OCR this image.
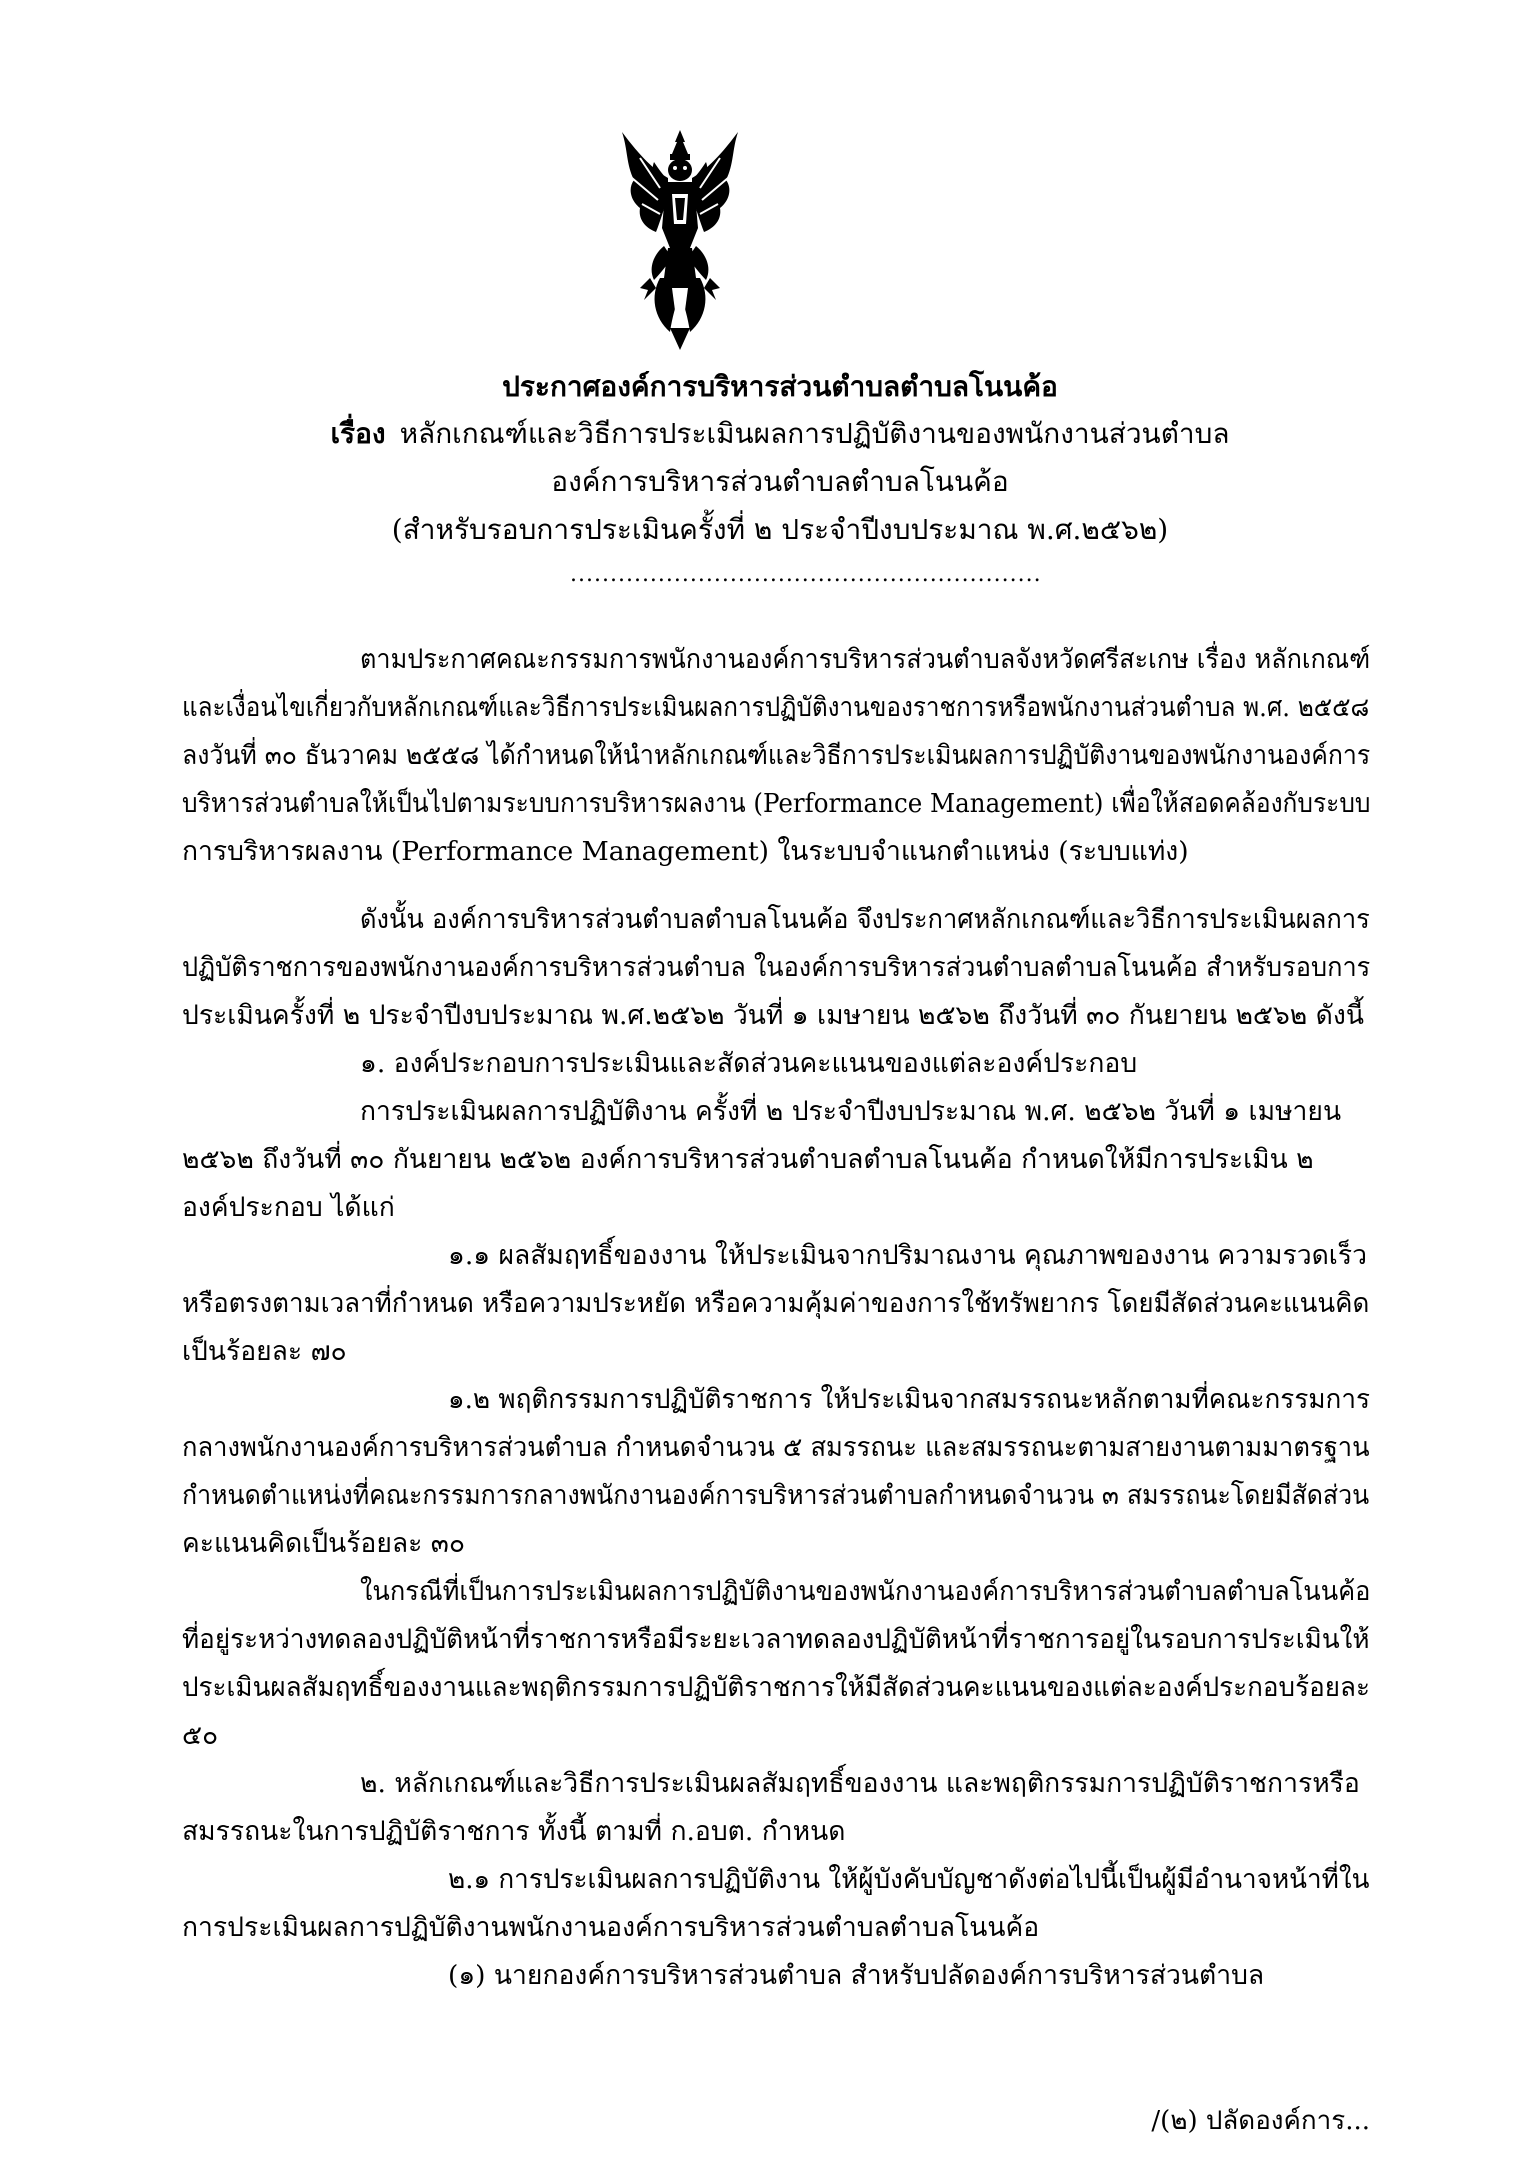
ประกาศองค์การบริหารส่วนตำบลตำบลโนนค้อ
เรื่อง หลักเกณฑ์และวิธีการประเมินผลการปฏิบัติงานของพนักงานส่วนตำบล
องค์การบริหารส่วนตำบลตำบลโนนค้อ
(สำหรับรอบการประเมินครั้งที่ ๒ ประจำปีงบประมาณ พ.ศ.๒๕๖๒)
...........................................................
ตามประกาศคณะกรรมการพนักงานองค์การบริหารส่วนตำบลจังหวัดศรีสะเกษ เรื่อง หลักเกณฑ์
และเงื่อนไขเกี่ยวกับหลักเกณฑ์และวิธีการประเมินผลการปฏิบัติงานของราชการหรือพนักงานส่วนตำบล พ.ศ. ๒๕๕๘
ลงวันที่ ๓๐ ธันวาคม ๒๕๕๘ ได้กำหนดให้นำหลักเกณฑ์และวิธีการประเมินผลการปฏิบัติงานของพนักงานองค์การ
บริหารส่วนตำบลให้เป็นไปตามระบบการบริหารผลงาน (Performance Management) เพื่อให้สอดคล้องกับระบบ
การบริหารผลงาน (Performance Management) ในระบบจำแนกตำแหน่ง (ระบบแท่ง)
ดังนั้น องค์การบริหารส่วนตำบลตำบลโนนค้อ จึงประกาศหลักเกณฑ์และวิธีการประเมินผลการ
ปฏิบัติราชการของพนักงานองค์การบริหารส่วนตำบล ในองค์การบริหารส่วนตำบลตำบลโนนค้อ สำหรับรอบการ
ประเมินครั้งที่ ๒ ประจำปีงบประมาณ พ.ศ.๒๕๖๒ วันที่ ๑ เมษายน ๒๕๖๒ ถึงวันที่ ๓๐ กันยายน ๒๕๖๒ ดังนี้
๑. องค์ประกอบการประเมินและสัดส่วนคะแนนของแต่ละองค์ประกอบ
การประเมินผลการปฏิบัติงาน ครั้งที่ ๒ ประจำปีงบประมาณ พ.ศ. ๒๕๖๒ วันที่ ๑ เมษายน
๒๕๖๒ ถึงวันที่ ๓๐ กันยายน ๒๕๖๒ องค์การบริหารส่วนตำบลตำบลโนนค้อ กำหนดให้มีการประเมิน ๒
องค์ประกอบ ได้แก่
๑.๑ ผลสัมฤทธิ์ของงาน ให้ประเมินจากปริมาณงาน คุณภาพของงาน ความรวดเร็ว
หรือตรงตามเวลาที่กำหนด หรือความประหยัด หรือความคุ้มค่าของการใช้ทรัพยากร โดยมีสัดส่วนคะแนนคิด
เป็นร้อยละ ๗๐
๑.๒ พฤติกรรมการปฏิบัติราชการ ให้ประเมินจากสมรรถนะหลักตามที่คณะกรรมการ
กลางพนักงานองค์การบริหารส่วนตำบล กำหนดจำนวน ๕ สมรรถนะ และสมรรถนะตามสายงานตามมาตรฐาน
กำหนดตำแหน่งที่คณะกรรมการกลางพนักงานองค์การบริหารส่วนตำบลกำหนดจำนวน ๓ สมรรถนะโดยมีสัดส่วน
คะแนนคิดเป็นร้อยละ ๓๐
ในกรณีที่เป็นการประเมินผลการปฏิบัติงานของพนักงานองค์การบริหารส่วนตำบลตำบลโนนค้อ
ที่อยู่ระหว่างทดลองปฏิบัติหน้าที่ราชการหรือมีระยะเวลาทดลองปฏิบัติหน้าที่ราชการอยู่ในรอบการประเมินให้
ประเมินผลสัมฤทธิ์ของงานและพฤติกรรมการปฏิบัติราชการให้มีสัดส่วนคะแนนของแต่ละองค์ประกอบร้อยละ
๕๐
๒. หลักเกณฑ์และวิธีการประเมินผลสัมฤทธิ์ของงาน และพฤติกรรมการปฏิบัติราชการหรือ
สมรรถนะในการปฏิบัติราชการ ทั้งนี้ ตามที่ ก.อบต. กำหนด
๒.๑ การประเมินผลการปฏิบัติงาน ให้ผู้บังคับบัญชาดังต่อไปนี้เป็นผู้มีอำนาจหน้าที่ใน
การประเมินผลการปฏิบัติงานพนักงานองค์การบริหารส่วนตำบลตำบลโนนค้อ
(๑) นายกองค์การบริหารส่วนตำบล สำหรับปลัดองค์การบริหารส่วนตำบล
/(๒) ปลัดองค์การ...
